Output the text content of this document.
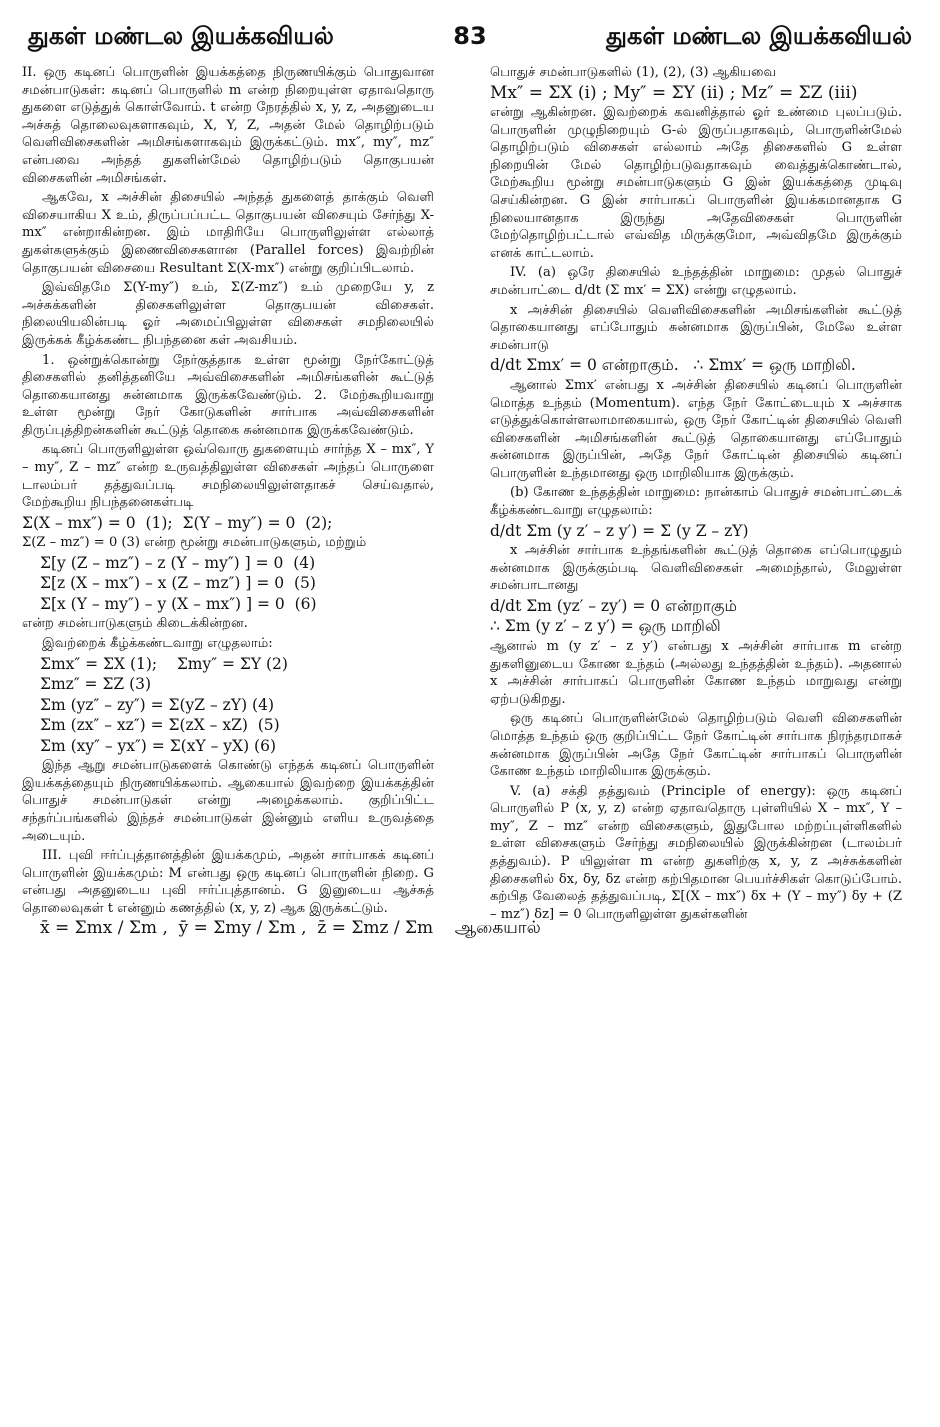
துகள் மண்டல இயக்கவியல்	83	துகள் மண்டல இயக்கவியல்
II. ஒரு கடினப் பொருளின் இயக்கத்தை நிருணயிக்கும் பொதுவான சமன்பாடுகள்: கடினப் பொருளில் m என்ற நிறையுள்ள ஏதாவதொரு துகளை எடுத்துக் கொள்வோம். t என்ற நேரத்தில் x, y, z, அதனுடைய அச்சுத் தொலைவுகளாகவும், X, Y, Z, அதன் மேல் தொழிற்படும் வெளிவிசைகளின் அமிசங்களாகவும் இருக்கட்டும். mx″, my″, mz″ என்பவை அந்தத் துகளின்மேல் தொழிற்படும் தொகுபயன் விசைகளின் அமிசங்கள்.
ஆகவே, x அச்சின் திசையில் அந்தத் துகளைத் தாக்கும் வெளி விசையாகிய X உம், திருப்பப்பட்ட தொகுபயன் விசையும் சேர்ந்து X-mx″ என்றாகின்றன. இம் மாதிரியே பொருளிலுள்ள எல்லாத் துகள்களுக்கும் இணைவிசைகளான (Parallel forces) இவற்றின் தொகுபயன் விசையை Resultant Σ(X-mx″) என்று குறிப்பிடலாம்.
இவ்விதமே Σ(Y-my″) உம், Σ(Z-mz″) உம் முறையே y, z அச்சுக்களின் திசைகளிலுள்ள தொகுபயன் விசைகள். நிலையியலின்படி ஓர் அமைப்பிலுள்ள விசைகள் சமநிலையில் இருக்கக் கீழ்க்கண்ட நிபந்தனை கள் அவசியம்.
1. ஒன்றுக்கொன்று நேர்குத்தாக உள்ள மூன்று நேர்கோட்டுத் திசைகளில் தனித்தனியே அவ்விசைகளின் அமிசங்களின் கூட்டுத் தொகையானது சுன்னமாக இருக்கவேண்டும். 2. மேற்கூறியவாறு உள்ள மூன்று நேர் கோடுகளின் சார்பாக அவ்விசைகளின் திருப்புத்திறன்களின் கூட்டுத் தொகை சுன்னமாக இருக்கவேண்டும்.
கடினப் பொருளிலுள்ள ஒவ்வொரு துகளையும் சார்ந்த X – mx″, Y – my″, Z – mz″ என்ற உருவத்திலுள்ள விசைகள் அந்தப் பொருளை டாலம்பர் தத்துவப்படி சமநிலையிலுள்ளதாகச் செய்வதால், மேற்கூறிய நிபந்தனைகள்படி
Σ(X – mx″) = 0  (1);  Σ(Y – my″) = 0  (2);
Σ(Z – mz″) = 0 (3) என்ற மூன்று சமன்பாடுகளும், மற்றும்
Σ[y (Z – mz″) – z (Y – my″) ] = 0  (4)
Σ[z (X – mx″) – x (Z – mz″) ] = 0  (5)
Σ[x (Y – my″) – y (X – mx″) ] = 0  (6)
என்ற சமன்பாடுகளும் கிடைக்கின்றன.
இவற்றைக் கீழ்க்கண்டவாறு எழுதலாம்:
Σmx″ = ΣX (1);    Σmy″ = ΣY (2)
Σmz″ = ΣZ (3)
Σm (yz″ – zy″) = Σ(yZ – zY) (4)
Σm (zx″ – xz″) = Σ(zX – xZ)  (5)
Σm (xy″ – yx″) = Σ(xY – yX) (6)
இந்த ஆறு சமன்பாடுகளைக் கொண்டு எந்தக் கடினப் பொருளின் இயக்கத்தையும் நிருணயிக்கலாம். ஆகையால் இவற்றை இயக்கத்தின் பொதுச் சமன்பாடுகள் என்று அழைக்கலாம். குறிப்பிட்ட சந்தர்ப்பங்களில் இந்தச் சமன்பாடுகள் இன்னும் எளிய உருவத்தை அடையும்.
III. புவி ஈர்ப்புத்தானத்தின் இயக்கமும், அதன் சார்பாகக் கடினப் பொருளின் இயக்கமும்: M என்பது ஒரு கடினப் பொருளின் நிறை. G என்பது அதனுடைய புவி ஈர்ப்புத்தானம். G இனுடைய ஆச்சுத் தொலைவுகள் t என்னும் கணத்தில் (x, y, z) ஆக இருக்கட்டும்.
x̄ = Σmx / Σm ,  ȳ = Σmy / Σm ,  z̄ = Σmz / Σm    ஆகையால்
பொதுச் சமன்பாடுகளில் (1), (2), (3) ஆகியவை
Mx″ = ΣX (i) ; My″ = ΣY (ii) ; Mz″ = ΣZ (iii)
என்று ஆகின்றன. இவற்றைக் கவனித்தால் ஓர் உண்மை புலப்படும். பொருளின் முழுநிறையும் G-ல் இருப்பதாகவும், பொருளின்மேல் தொழிற்படும் விசைகள் எல்லாம் அதே திசைகளில் G உள்ள நிறையின் மேல் தொழிற்படுவதாகவும் வைத்துக்கொண்டால், மேற்கூறிய மூன்று சமன்பாடுகளும் G இன் இயக்கத்தை முடிவு செய்கின்றன. G இன் சார்பாகப் பொருளின் இயக்கமானதாக G நிலையானதாக இருந்து அதேவிசைகள் பொருளின் மேற்தொழிற்பட்டால் எவ்வித மிருக்குமோ, அவ்விதமே இருக்கும் எனக் காட்டலாம்.
IV. (a) ஒரே திசையில் உந்தத்தின் மாறுமை: முதல் பொதுச் சமன்பாட்டை d/dt (Σ mx′ = ΣX) என்று எழுதலாம்.
x அச்சின் திசையில் வெளிவிசைகளின் அமிசங்களின் கூட்டுத் தொகையானது எப்போதும் சுன்னமாக இருப்பின், மேலே உள்ள சமன்பாடு
d/dt Σmx′ = 0 என்றாகும்.   ∴ Σmx′ = ஒரு மாறிலி.
ஆனால் Σmx′ என்பது x அச்சின் திசையில் கடினப் பொருளின் மொத்த உந்தம் (Momentum). எந்த நேர் கோட்டையும் x அச்சாக எடுத்துக்கொள்ளலாமாகையால், ஒரு நேர் கோட்டின் திசையில் வெளி விசைகளின் அமிசங்களின் கூட்டுத் தொகையானது எப்போதும் சுன்னமாக இருப்பின், அதே நேர் கோட்டின் திசையில் கடினப் பொருளின் உந்தமானது ஒரு மாறிலியாக இருக்கும்.
(b) கோண உந்தத்தின் மாறுமை: நான்காம் பொதுச் சமன்பாட்டைக் கீழ்க்கண்டவாறு எழுதலாம்:
d/dt Σm (y z′ – z y′) = Σ (y Z – zY)
x அச்சின் சார்பாக உந்தங்களின் கூட்டுத் தொகை எப்பொழுதும் சுன்னமாக இருக்கும்படி வெளிவிசைகள் அமைந்தால், மேலுள்ள சமன்பாடானது
d/dt Σm (yz′ – zy′) = 0 என்றாகும்
∴ Σm (y z′ – z y′) = ஒரு மாறிலி
ஆனால் m (y z′ – z y′) என்பது x அச்சின் சார்பாக m என்ற துகளினுடைய கோண உந்தம் (அல்லது உந்தத்தின் உந்தம்). அதனால் x அச்சின் சார்பாகப் பொருளின் கோண உந்தம் மாறுவது என்று ஏற்படுகிறது.
ஒரு கடினப் பொருளின்மேல் தொழிற்படும் வெளி விசைகளின் மொத்த உந்தம் ஒரு குறிப்பிட்ட நேர் கோட்டின் சார்பாக நிரந்தரமாகச் சுன்னமாக இருப்பின் அதே நேர் கோட்டின் சார்பாகப் பொருளின் கோண உந்தம் மாறிலியாக இருக்கும்.
V. (a) சக்தி தத்துவம் (Principle of energy): ஒரு கடினப் பொருளில் P (x, y, z) என்ற ஏதாவதொரு புள்ளியில் X – mx″, Y – my″, Z – mz″ என்ற விசைகளும், இதுபோல மற்றப்புள்ளிகளில் உள்ள விசைகளும் சேர்ந்து சமநிலையில் இருக்கின்றன (டாலம்பர் தத்துவம்). P யிலுள்ள m என்ற துகளிற்கு x, y, z அச்சுக்களின் திசைகளில் δx, δy, δz என்ற கற்பிதமான பெயர்ச்சிகள் கொடுப்போம். கற்பித வேலைத் தத்துவப்படி, Σ[(X – mx″) δx + (Y – my″) δy + (Z – mz″) δz] = 0 பொருளிலுள்ள துகள்களின்
